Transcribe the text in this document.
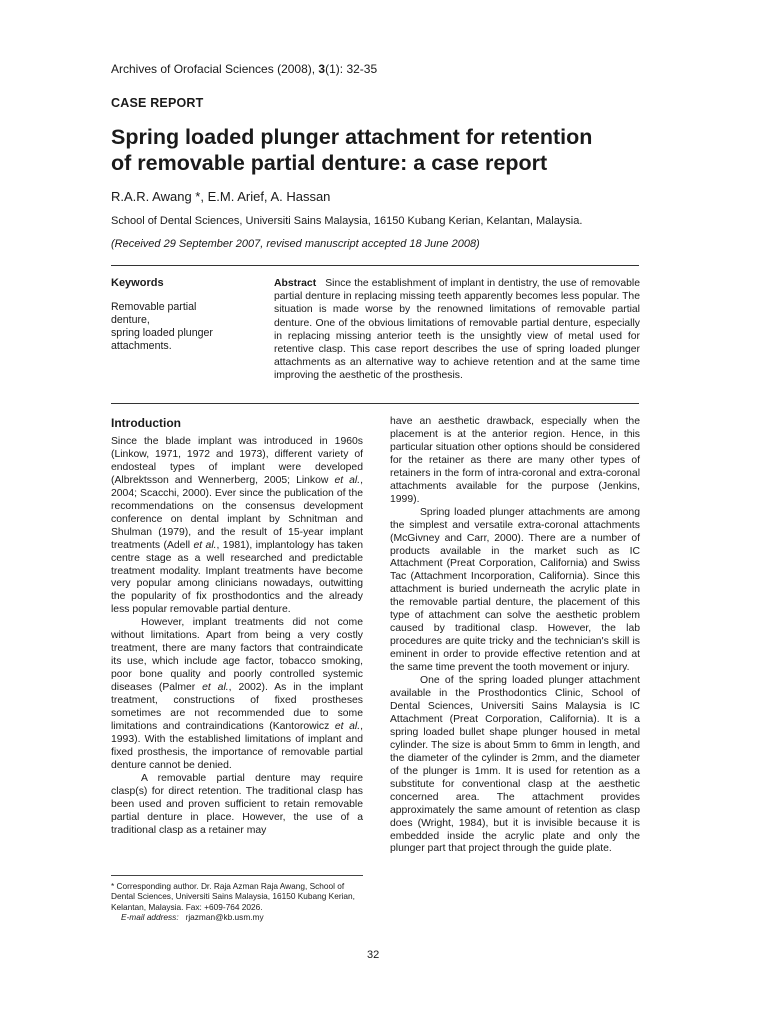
Archives of Orofacial Sciences (2008), 3(1): 32-35
CASE REPORT
Spring loaded plunger attachment for retention
of removable partial denture: a case report
R.A.R. Awang *, E.M. Arief, A. Hassan
School of Dental Sciences, Universiti Sains Malaysia, 16150 Kubang Kerian, Kelantan, Malaysia.
(Received 29 September 2007, revised manuscript accepted 18 June 2008)
Keywords
Removable partial
denture,
spring loaded plunger
attachments.
Abstract Since the establishment of implant in dentistry, the use of removable partial denture in replacing missing teeth apparently becomes less popular. The situation is made worse by the renowned limitations of removable partial denture. One of the obvious limitations of removable partial denture, especially in replacing missing anterior teeth is the unsightly view of metal used for retentive clasp. This case report describes the use of spring loaded plunger attachments as an alternative way to achieve retention and at the same time improving the aesthetic of the prosthesis.
Introduction

Since the blade implant was introduced in 1960s (Linkow, 1971, 1972 and 1973), different variety of endosteal types of implant were developed (Albrektsson and Wennerberg, 2005; Linkow et al., 2004; Scacchi, 2000). Ever since the publication of the recommendations on the consensus development conference on dental implant by Schnitman and Shulman (1979), and the result of 15-year implant treatments (Adell et al., 1981), implantology has taken centre stage as a well researched and predictable treatment modality. Implant treatments have become very popular among clinicians nowadays, outwitting the popularity of fix prosthodontics and the already less popular removable partial denture.

However, implant treatments did not come without limitations. Apart from being a very costly treatment, there are many factors that contraindicate its use, which include age factor, tobacco smoking, poor bone quality and poorly controlled systemic diseases (Palmer et al., 2002). As in the implant treatment, constructions of fixed prostheses sometimes are not recommended due to some limitations and contraindications (Kantorowicz et al., 1993). With the established limitations of implant and fixed prosthesis, the importance of removable partial denture cannot be denied.

A removable partial denture may require clasp(s) for direct retention. The traditional clasp has been used and proven sufficient to retain removable partial denture in place. However, the use of a traditional clasp as a retainer may

have an aesthetic drawback, especially when the placement is at the anterior region. Hence, in this particular situation other options should be considered for the retainer as there are many other types of retainers in the form of intra-coronal and extra-coronal attachments available for the purpose (Jenkins, 1999).

Spring loaded plunger attachments are among the simplest and versatile extra-coronal attachments (McGivney and Carr, 2000). There are a number of products available in the market such as IC Attachment (Preat Corporation, California) and Swiss Tac (Attachment Incorporation, California). Since this attachment is buried underneath the acrylic plate in the removable partial denture, the placement of this type of attachment can solve the aesthetic problem caused by traditional clasp. However, the lab procedures are quite tricky and the technician's skill is eminent in order to provide effective retention and at the same time prevent the tooth movement or injury.

One of the spring loaded plunger attachment available in the Prosthodontics Clinic, School of Dental Sciences, Universiti Sains Malaysia is IC Attachment (Preat Corporation, California). It is a spring loaded bullet shape plunger housed in metal cylinder. The size is about 5mm to 6mm in length, and the diameter of the cylinder is 2mm, and the diameter of the plunger is 1mm. It is used for retention as a substitute for conventional clasp at the aesthetic concerned area. The attachment provides approximately the same amount of retention as clasp does (Wright, 1984), but it is invisible because it is embedded inside the acrylic plate and only the plunger part that project through the guide plate.

* Corresponding author. Dr. Raja Azman Raja Awang, School of Dental Sciences, Universiti Sains Malaysia, 16150 Kubang Kerian, Kelantan, Malaysia. Fax: +609-764 2026.
E-mail address: rjazman@kb.usm.my
32
